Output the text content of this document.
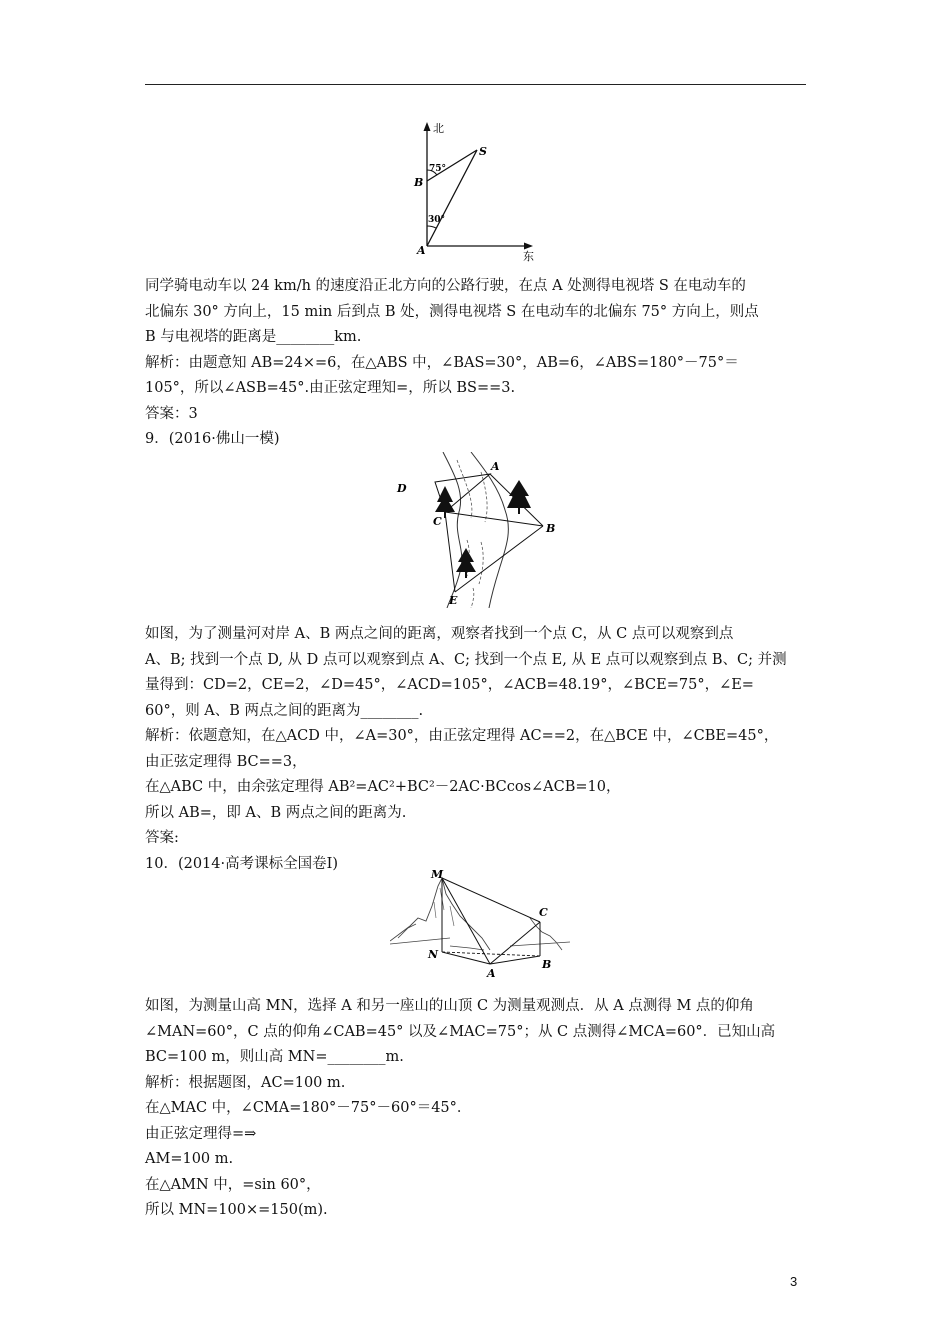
北
东
S
B
A
75°
30°
同学骑电动车以 24 km/h 的速度沿正北方向的公路行驶，在点 A 处测得电视塔 S 在电动车的
北偏东 30° 方向上，15 min 后到点 B 处，测得电视塔 S 在电动车的北偏东 75° 方向上，则点
B 与电视塔的距离是________km.
解析：由题意知 AB=24×=6，在△ABS 中，∠BAS=30°，AB=6，∠ABS=180°－75°＝
105°，所以∠ASB=45°.由正弦定理知=，所以 BS==3.
答案：3
9．(2016·佛山一模)
A
B
C
D
E
如图，为了测量河对岸 A、B 两点之间的距离，观察者找到一个点 C，从 C 点可以观察到点
A、B; 找到一个点 D, 从 D 点可以观察到点 A、C; 找到一个点 E, 从 E 点可以观察到点 B、C; 并测
量得到：CD=2，CE=2，∠D=45°，∠ACD=105°，∠ACB=48.19°，∠BCE=75°，∠E=
60°，则 A、B 两点之间的距离为________.
解析：依题意知，在△ACD 中，∠A=30°，由正弦定理得 AC==2，在△BCE 中，∠CBE=45°，
由正弦定理得 BC==3，
在△ABC 中，由余弦定理得 AB²=AC²+BC²－2AC·BCcos∠ACB=10，
所以 AB=，即 A、B 两点之间的距离为.
答案:
10．(2014·高考课标全国卷Ⅰ)
M
C
N
A
B
如图，为测量山高 MN，选择 A 和另一座山的山顶 C 为测量观测点．从 A 点测得 M 点的仰角
∠MAN=60°，C 点的仰角∠CAB=45° 以及∠MAC=75°；从 C 点测得∠MCA=60°．已知山高
BC=100 m，则山高 MN=________m.
解析：根据题图，AC=100 m.
在△MAC 中，∠CMA=180°－75°－60°＝45°．
由正弦定理得=⇒
AM=100 m.
在△AMN 中，=sin 60°，
所以 MN=100×=150(m).
3
